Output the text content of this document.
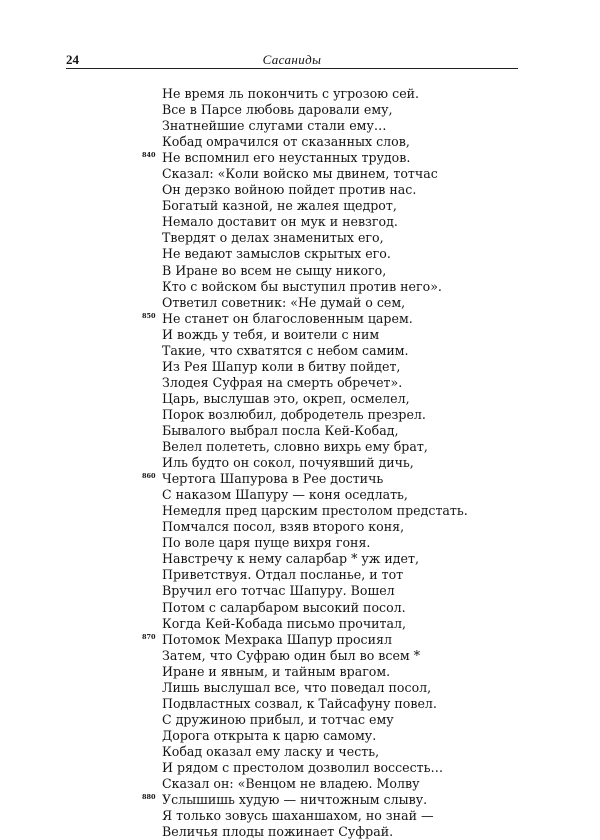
24	Сасаниды
Не время ль покончить с угрозою сей.
Все в Парсе любовь даровали ему,
Знатнейшие слугами стали ему…
Кобад омрачился от сказанных слов,
840 Не вспомнил его неустанных трудов.
Сказал: «Коли войско мы двинем, тотчас
Он дерзко войною пойдет против нас.
Богатый казной, не жалея щедрот,
Немало доставит он мук и невзгод.
Твердят о делах знаменитых его,
Не ведают замыслов скрытых его.
В Иране во всем не сыщу никого,
Кто с войском бы выступил против него».
Ответил советник: «Не думай о сем,
850 Не станет он благословенным царем.
И вождь у тебя, и воители с ним
Такие, что схватятся с небом самим.
Из Рея Шапур коли в битву пойдет,
Злодея Суфрая на смерть обречет».
Царь, выслушав это, окреп, осмелел,
Порок возлюбил, добродетель презрел.
Бывалого выбрал посла Кей-Кобад,
Велел полететь, словно вихрь ему брат,
Иль будто он сокол, почуявший дичь,
860 Чертога Шапурова в Рее достичь
С наказом Шапуру — коня оседлать,
Немедля пред царским престолом предстать.
Помчался посол, взяв второго коня,
По воле царя пуще вихря гоня.
Навстречу к нему саларбар * уж идет,
Приветствуя. Отдал посланье, и тот
Вручил его тотчас Шапуру. Вошел
Потом с саларбаром высокий посол.
Когда Кей-Кобада письмо прочитал,
870 Потомок Мехрака Шапур просиял
Затем, что Суфраю один был во всем *
Иране и явным, и тайным врагом.
Лишь выслушал все, что поведал посол,
Подвластных созвал, к Тайсафуну повел.
С дружиною прибыл, и тотчас ему
Дорога открыта к царю самому.
Кобад оказал ему ласку и честь,
И рядом с престолом дозволил воссесть…
Сказал он: «Венцом не владею. Молву
880 Услышишь худую — ничтожным слыву.
Я только зовусь шаханшахом, но знай —
Величья плоды пожинает Суфрай.
